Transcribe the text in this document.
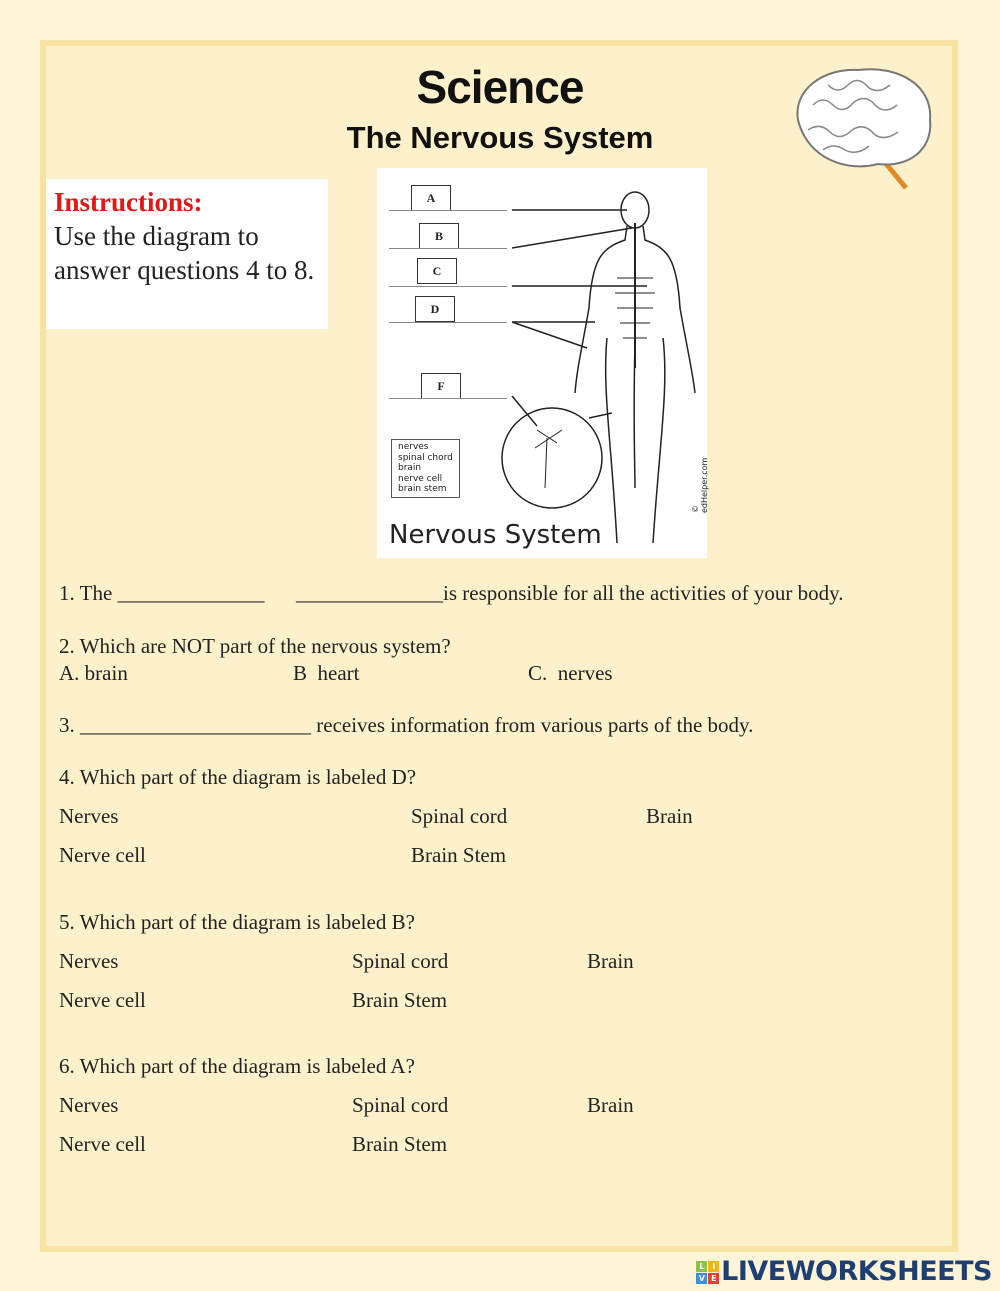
Science
The Nervous System
Instructions:
Use the diagram to answer questions 4 to 8.
A
B
C
D
F
nerves
spinal chord
brain
nerve cell
brain stem
Nervous System
© edHelper.com
1. The ______________      ______________is responsible for all the activities of your body.
2. Which are NOT part of the nervous system?
A. brain	B  heart	C.  nerves
3. ______________________ receives information from various parts of the body.
4. Which part of the diagram is labeled D?
Nerves	Spinal cord	Brain
Nerve cell	Brain Stem
5. Which part of the diagram is labeled B?
Nerves	Spinal cord	Brain
Nerve cell	Brain Stem
6. Which part of the diagram is labeled A?
Nerves	Spinal cord	Brain
Nerve cell	Brain Stem
L	I
V E LIVEWORKSHEETS
